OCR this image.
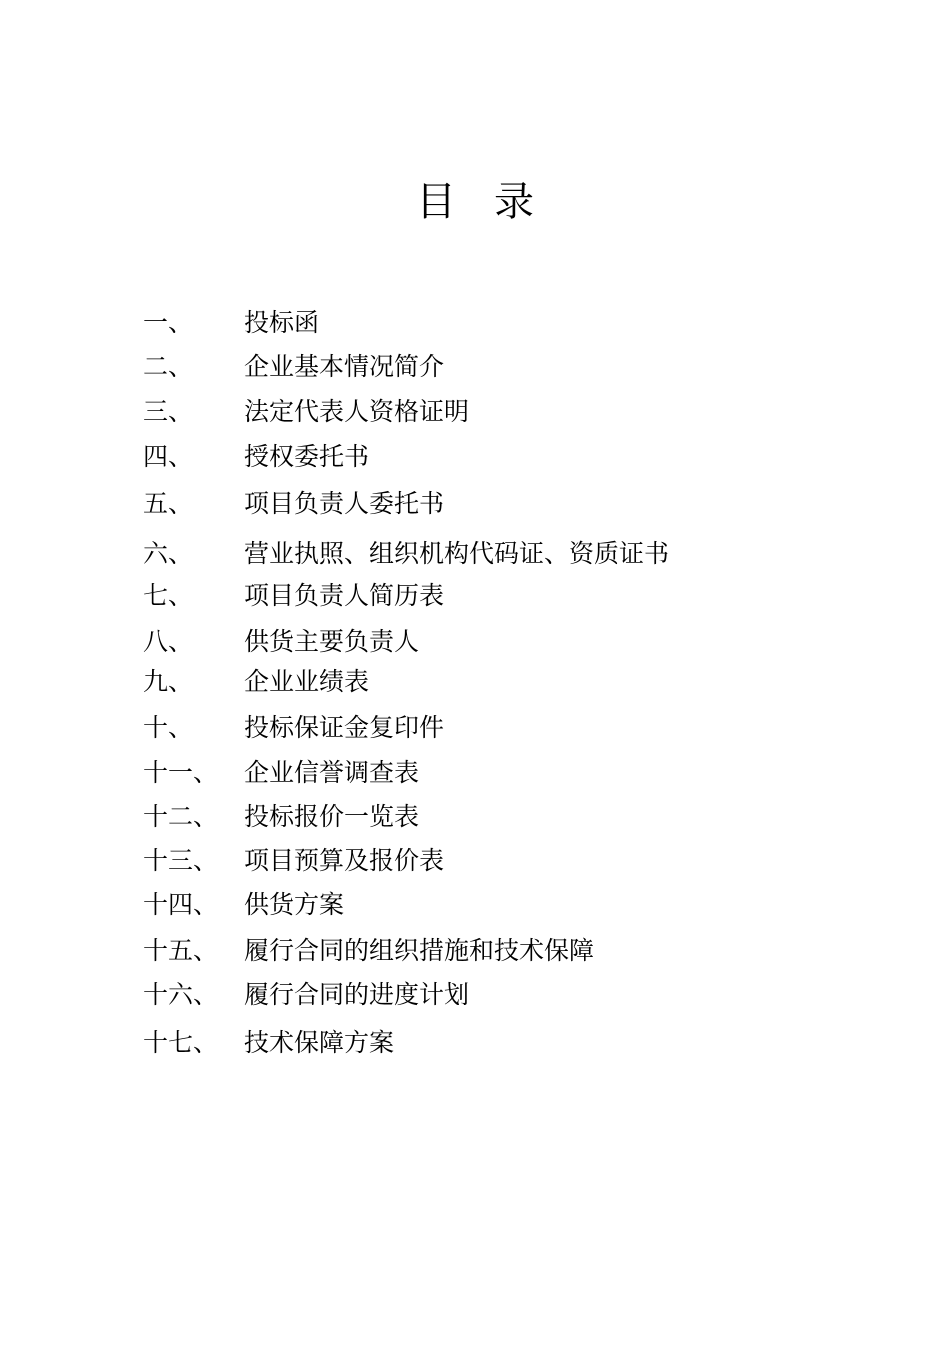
目录
一、 投标函
二、 企业基本情况简介
三、 法定代表人资格证明
四、 授权委托书
五、 项目负责人委托书
六、 营业执照、组织机构代码证、资质证书
七、 项目负责人简历表
八、 供货主要负责人
九、 企业业绩表
十、 投标保证金复印件
十一、 企业信誉调查表
十二、 投标报价一览表
十三、 项目预算及报价表
十四、 供货方案
十五、 履行合同的组织措施和技术保障
十六、 履行合同的进度计划
十七、 技术保障方案
